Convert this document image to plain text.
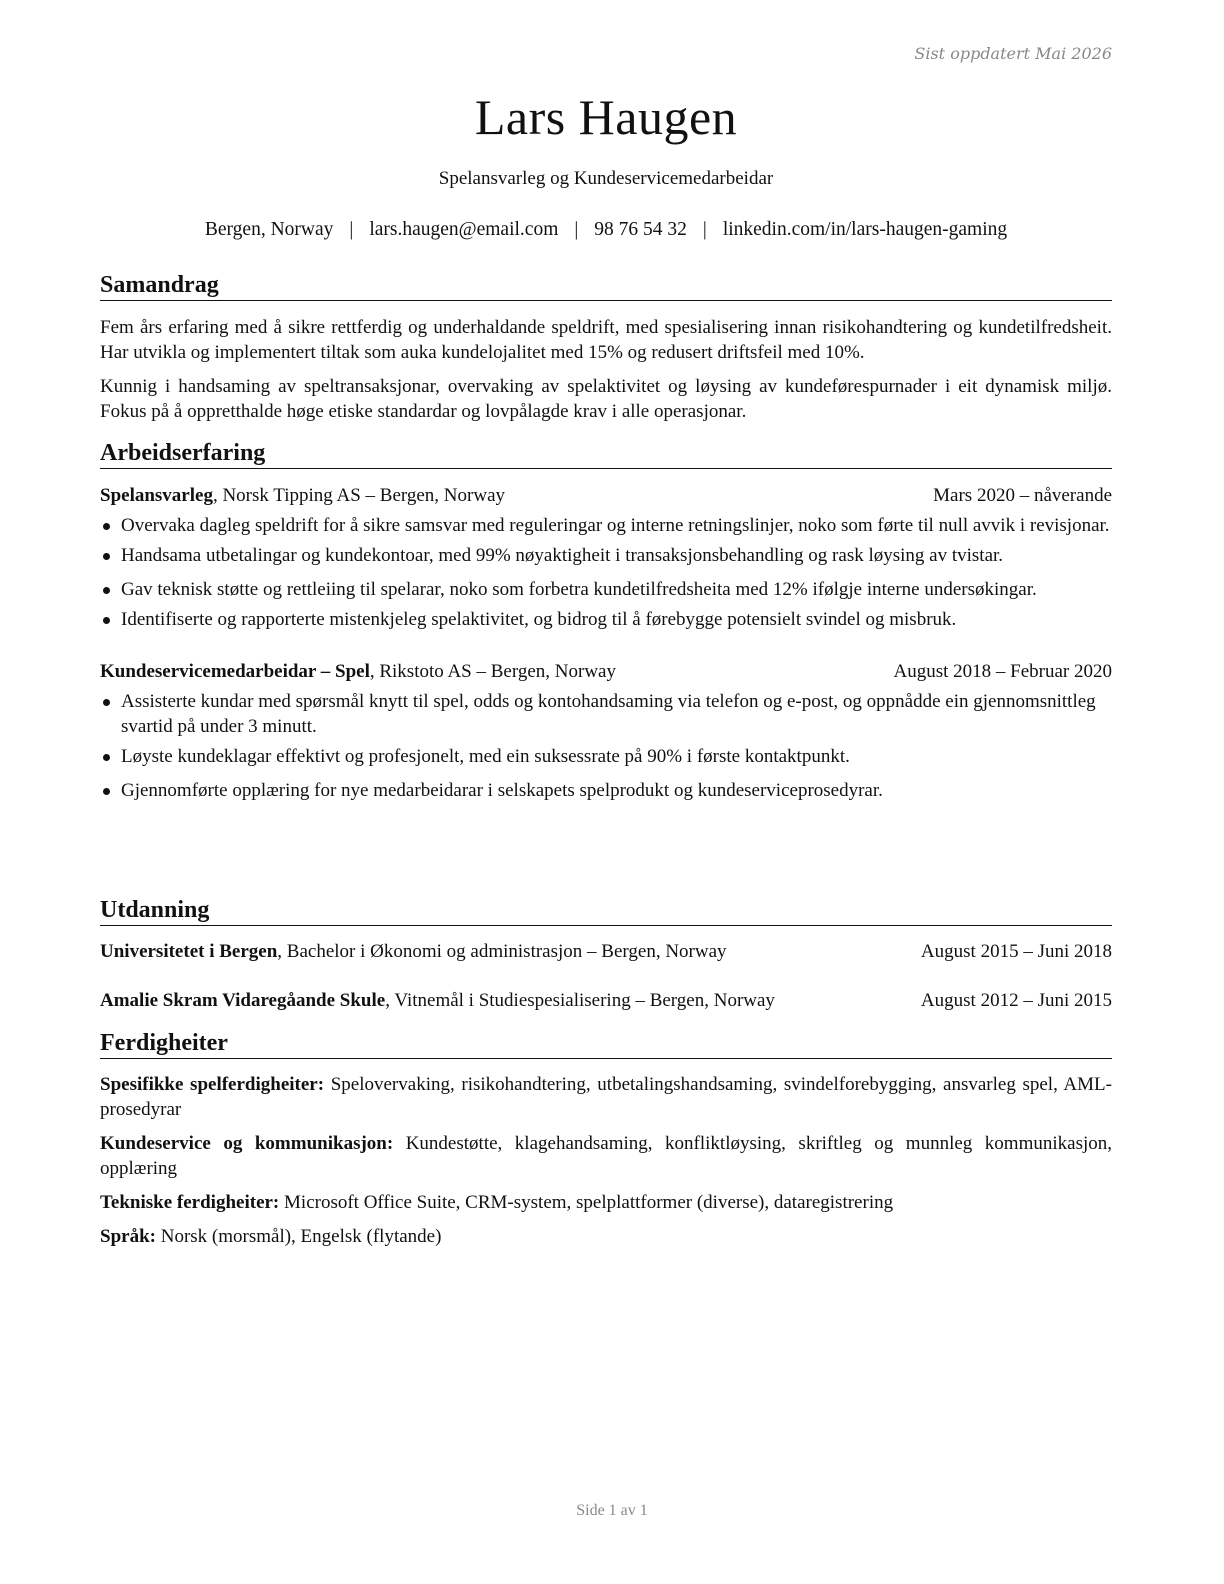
Sist oppdatert Mai 2026
Lars Haugen
Spelansvarleg og Kundeservicemedarbeidar
Bergen, Norway | lars.haugen@email.com | 98 76 54 32 | linkedin.com/in/lars-haugen-gaming
Samandrag

Fem års erfaring med å sikre rettferdig og underhaldande speldrift, med spesialisering innan risikohandtering og kundetilfredsheit. Har utvikla og implementert tiltak som auka kundelojalitet med 15% og redusert driftsfeil med 10%.

Kunnig i handsaming av speltransaksjonar, overvaking av spelaktivitet og løysing av kundeførespurnader i eit dynamisk miljø. Fokus på å oppretthalde høge etiske standardar og lovpålagde krav i alle operasjonar.

Arbeidserfaring
Spelansvarleg, Norsk Tipping AS – Bergen, Norway	Mars 2020 – nåverande
Overvaka dagleg speldrift for å sikre samsvar med reguleringar og interne retningslinjer, noko som førte til null avvik i revisjonar.
Handsama utbetalingar og kundekontoar, med 99% nøyaktigheit i transaksjonsbehandling og rask løysing av tvistar.
Gav teknisk støtte og rettleiing til spelarar, noko som forbetra kundetilfredsheita med 12% ifølgje interne undersøkingar.
Identifiserte og rapporterte mistenkjeleg spelaktivitet, og bidrog til å førebygge potensielt svindel og misbruk.
Kundeservicemedarbeidar – Spel, Rikstoto AS – Bergen, Norway	August 2018 – Februar 2020
Assisterte kundar med spørsmål knytt til spel, odds og kontohandsaming via telefon og e-post, og oppnådde ein gjennomsnittleg svartid på under 3 minutt.
Løyste kundeklagar effektivt og profesjonelt, med ein suksessrate på 90% i første kontaktpunkt.
Gjennomførte opplæring for nye medarbeidarar i selskapets spelprodukt og kundeserviceprosedyrar.
Utdanning
Universitetet i Bergen, Bachelor i Økonomi og administrasjon – Bergen, Norway	August 2015 – Juni 2018
Amalie Skram Vidaregåande Skule, Vitnemål i Studiespesialisering – Bergen, Norway	August 2012 – Juni 2015
Ferdigheiter

Spesifikke spelferdigheiter: Spelovervaking, risikohandtering, utbetalingshandsaming, svindelforebygging, ansvarleg spel, AML-prosedyrar

Kundeservice og kommunikasjon: Kundestøtte, klagehandsaming, konfliktløysing, skriftleg og munnleg kommunikasjon, opplæring

Tekniske ferdigheiter: Microsoft Office Suite, CRM-system, spelplattformer (diverse), dataregistrering

Språk: Norsk (morsmål), Engelsk (flytande)

Side 1 av 1
